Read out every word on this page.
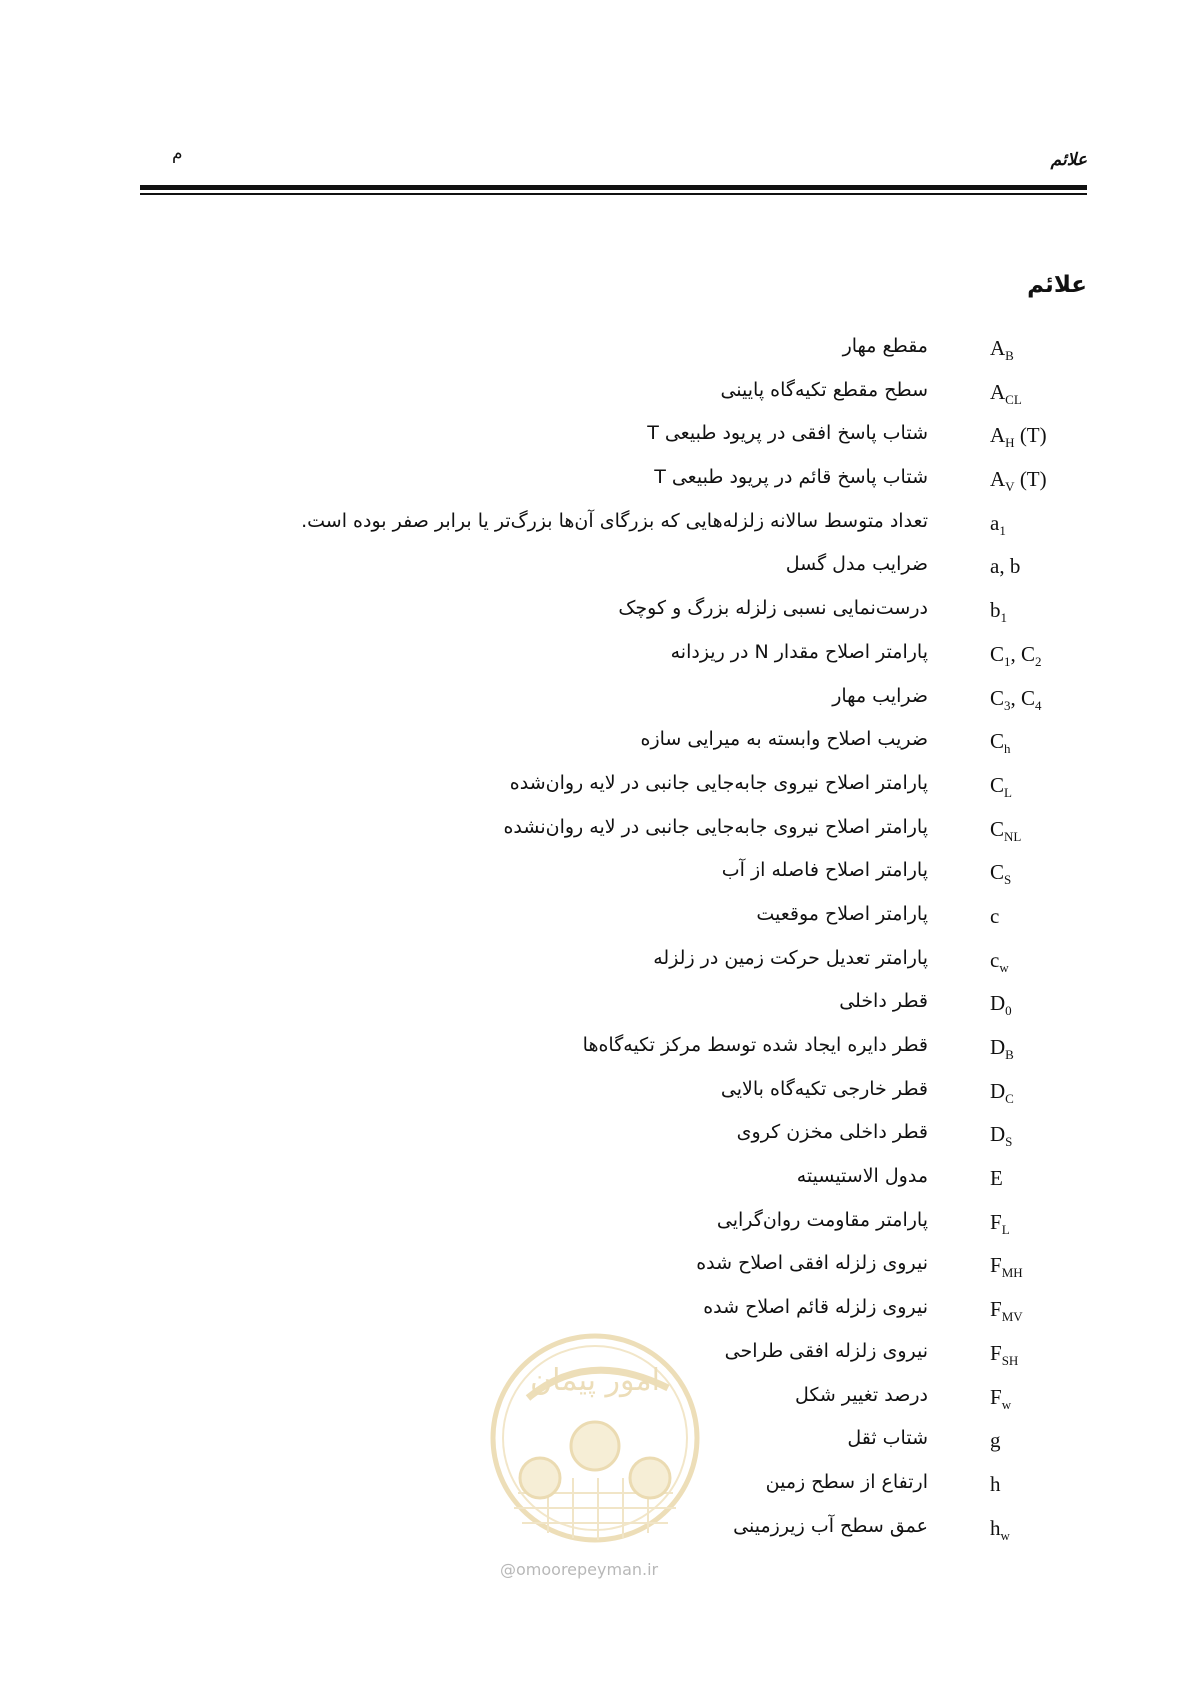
علائم
م
علائم
$A_B$
مقطع مهار
$A_{CL}$
سطح مقطع تکیه‌گاه پایینی
$A_H$ (T)
شتاب پاسخ افقی در پریود طبیعی T
$A_V$ (T)
شتاب پاسخ قائم در پریود طبیعی T
$a_1$
تعداد متوسط سالانه زلزله‌هایی که بزرگای آن‌ها بزرگ‌تر یا برابر صفر بوده است.
a, b
ضرایب مدل گسل
$b_1$
درست‌نمایی نسبی زلزله بزرگ و کوچک
$C_1$, $C_2$
پارامتر اصلاح مقدار N در ریزدانه
$C_3$, $C_4$
ضرایب مهار
$C_h$
ضریب اصلاح وابسته به میرایی سازه
$C_L$
پارامتر اصلاح نیروی جابه‌جایی جانبی در لایه روان‌شده
$C_{NL}$
پارامتر اصلاح نیروی جابه‌جایی جانبی در لایه روان‌نشده
$C_S$
پارامتر اصلاح فاصله از آب
c
پارامتر اصلاح موقعیت
$c_w$
پارامتر تعدیل حرکت زمین در زلزله
$D_0$
قطر داخلی
$D_B$
قطر دایره ایجاد شده توسط مرکز تکیه‌گاه‌ها
$D_C$
قطر خارجی تکیه‌گاه بالایی
$D_S$
قطر داخلی مخزن کروی
E
مدول الاستیسیته
$F_L$
پارامتر مقاومت روان‌گرایی
$F_{MH}$
نیروی زلزله افقی اصلاح شده
$F_{MV}$
نیروی زلزله قائم اصلاح شده
$F_{SH}$
نیروی زلزله افقی طراحی
$F_w$
درصد تغییر شکل
g
شتاب ثقل
h
ارتفاع از سطح زمین
$h_w$
عمق سطح آب زیرزمینی
امور پیمان
@omoorepeyman.ir
